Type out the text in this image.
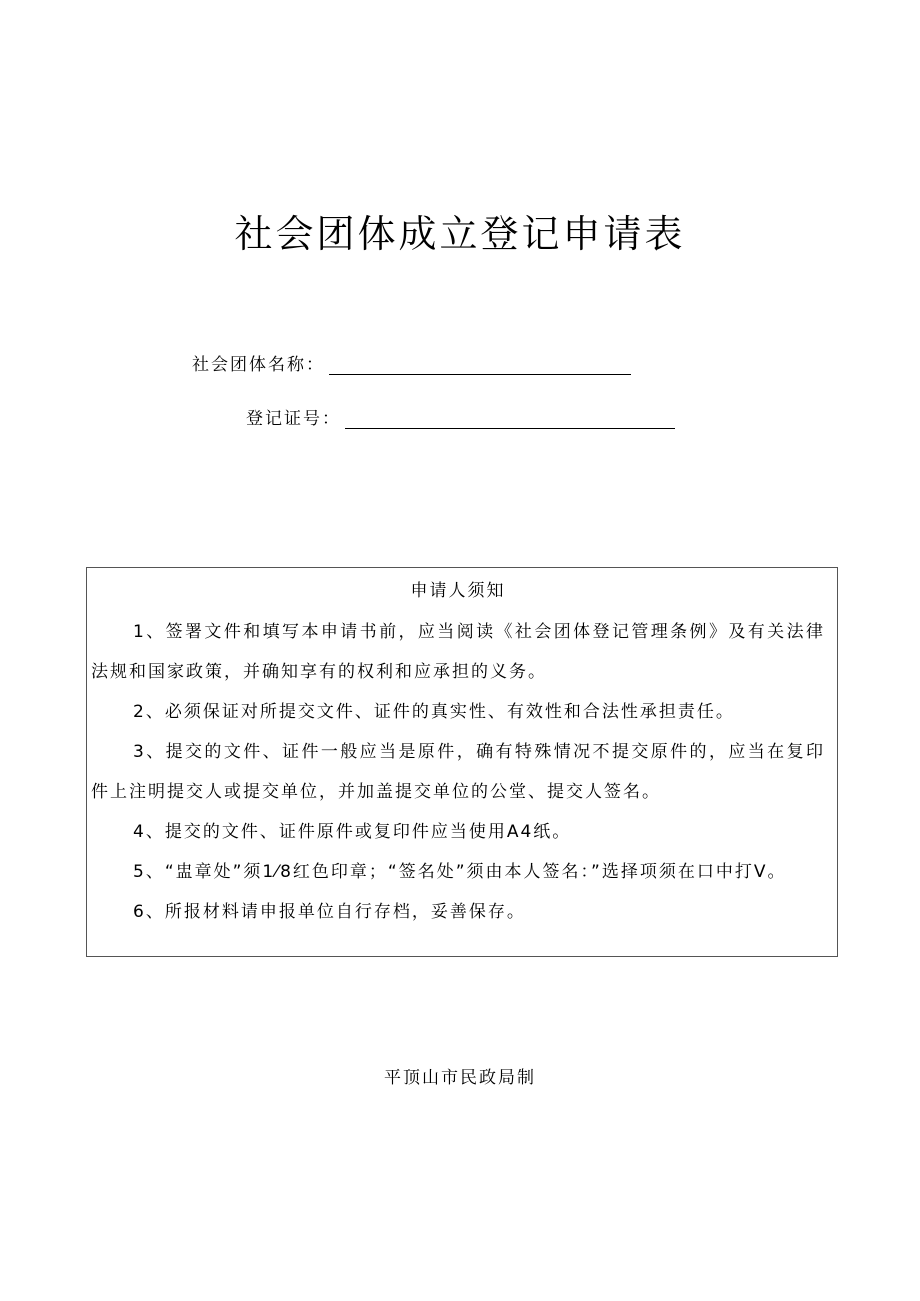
社会团体成立登记申请表
社会团体名称：
登记证号：

申请人须知

1、签署文件和填写本申请书前，应当阅读《社会团体登记管理条例》及有关法律法规和国家政策，并确知享有的权利和应承担的义务。

2、必须保证对所提交文件、证件的真实性、有效性和合法性承担责任。

3、提交的文件、证件一般应当是原件，确有特殊情况不提交原件的，应当在复印件上注明提交人或提交单位，并加盖提交单位的公堂、提交人签名。

4、提交的文件、证件原件或复印件应当使用A4纸。

5、“盅章处”须1⁄8红色印章；“签名处”须由本人签名：”选择项须在口中打V。

6、所报材料请申报单位自行存档，妥善保存。

平顶山市民政局制
